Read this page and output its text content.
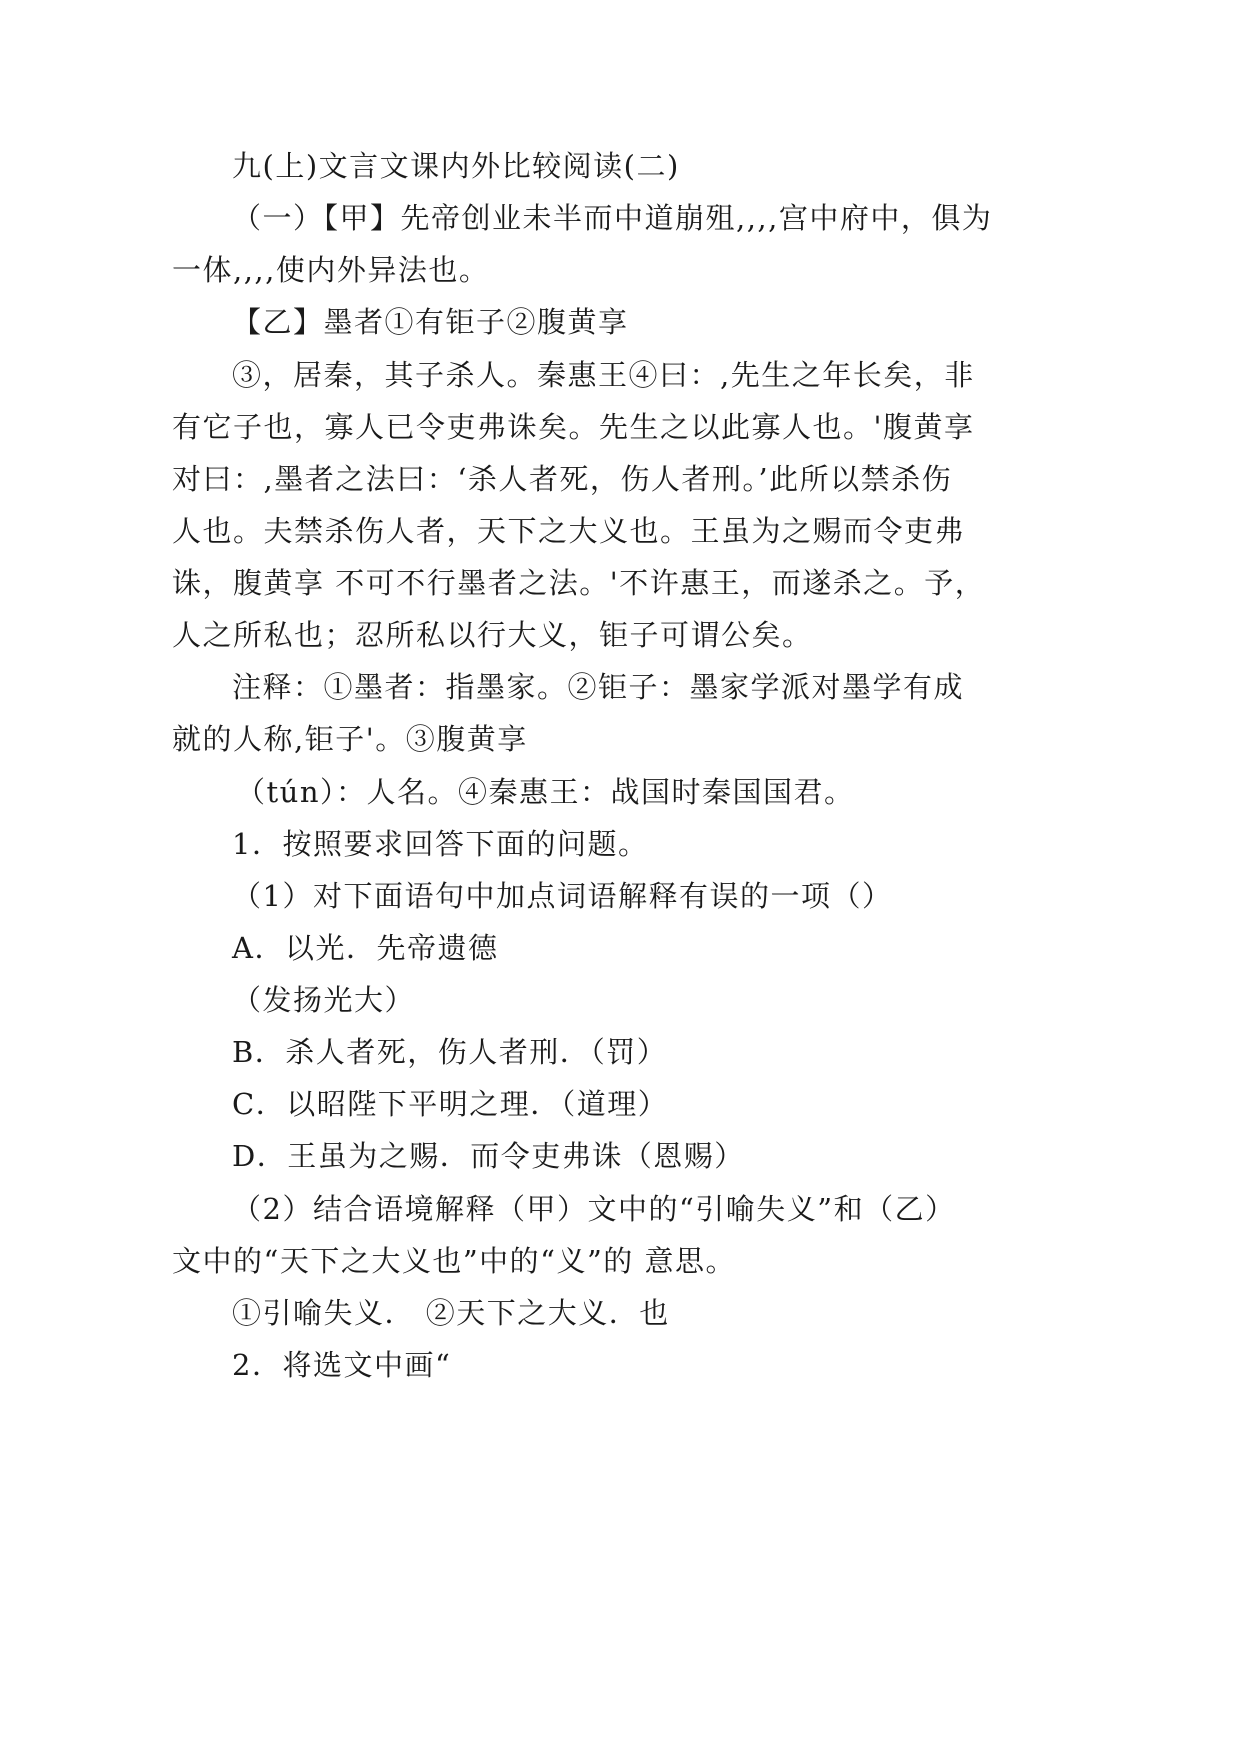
九(上)文言文课内外比较阅读(二)
（一）【甲】先帝创业未半而中道崩殂,,,,宫中府中，俱为
一体,,,,使内外异法也。
【乙】墨者①有钜子②腹黄享
③，居秦，其子杀人。秦惠王④曰：,先生之年长矣，非
有它子也，寡人已令吏弗诛矣。先生之以此寡人也。'腹黄享
对曰：,墨者之法曰：‘杀人者死，伤人者刑。’此所以禁杀伤
人也。夫禁杀伤人者，天下之大义也。王虽为之赐而令吏弗
诛，腹黄享 不可不行墨者之法。'不许惠王，而遂杀之。予，
人之所私也；忍所私以行大义，钜子可谓公矣。
注释：①墨者：指墨家。②钜子：墨家学派对墨学有成
就的人称,钜子'。③腹黄享
（tún）：人名。④秦惠王：战国时秦国国君。
1．按照要求回答下面的问题。
（1）对下面语句中加点词语解释有误的一项（）
A．以光．先帝遗德
（发扬光大）
B．杀人者死，伤人者刑．（罚）
C．以昭陛下平明之理．（道理）
D．王虽为之赐．而令吏弗诛（恩赐）
（2）结合语境解释（甲）文中的“引喻失义”和（乙）
文中的“天下之大义也”中的“义”的 意思。
①引喻失义． ②天下之大义．也
2．将选文中画“
